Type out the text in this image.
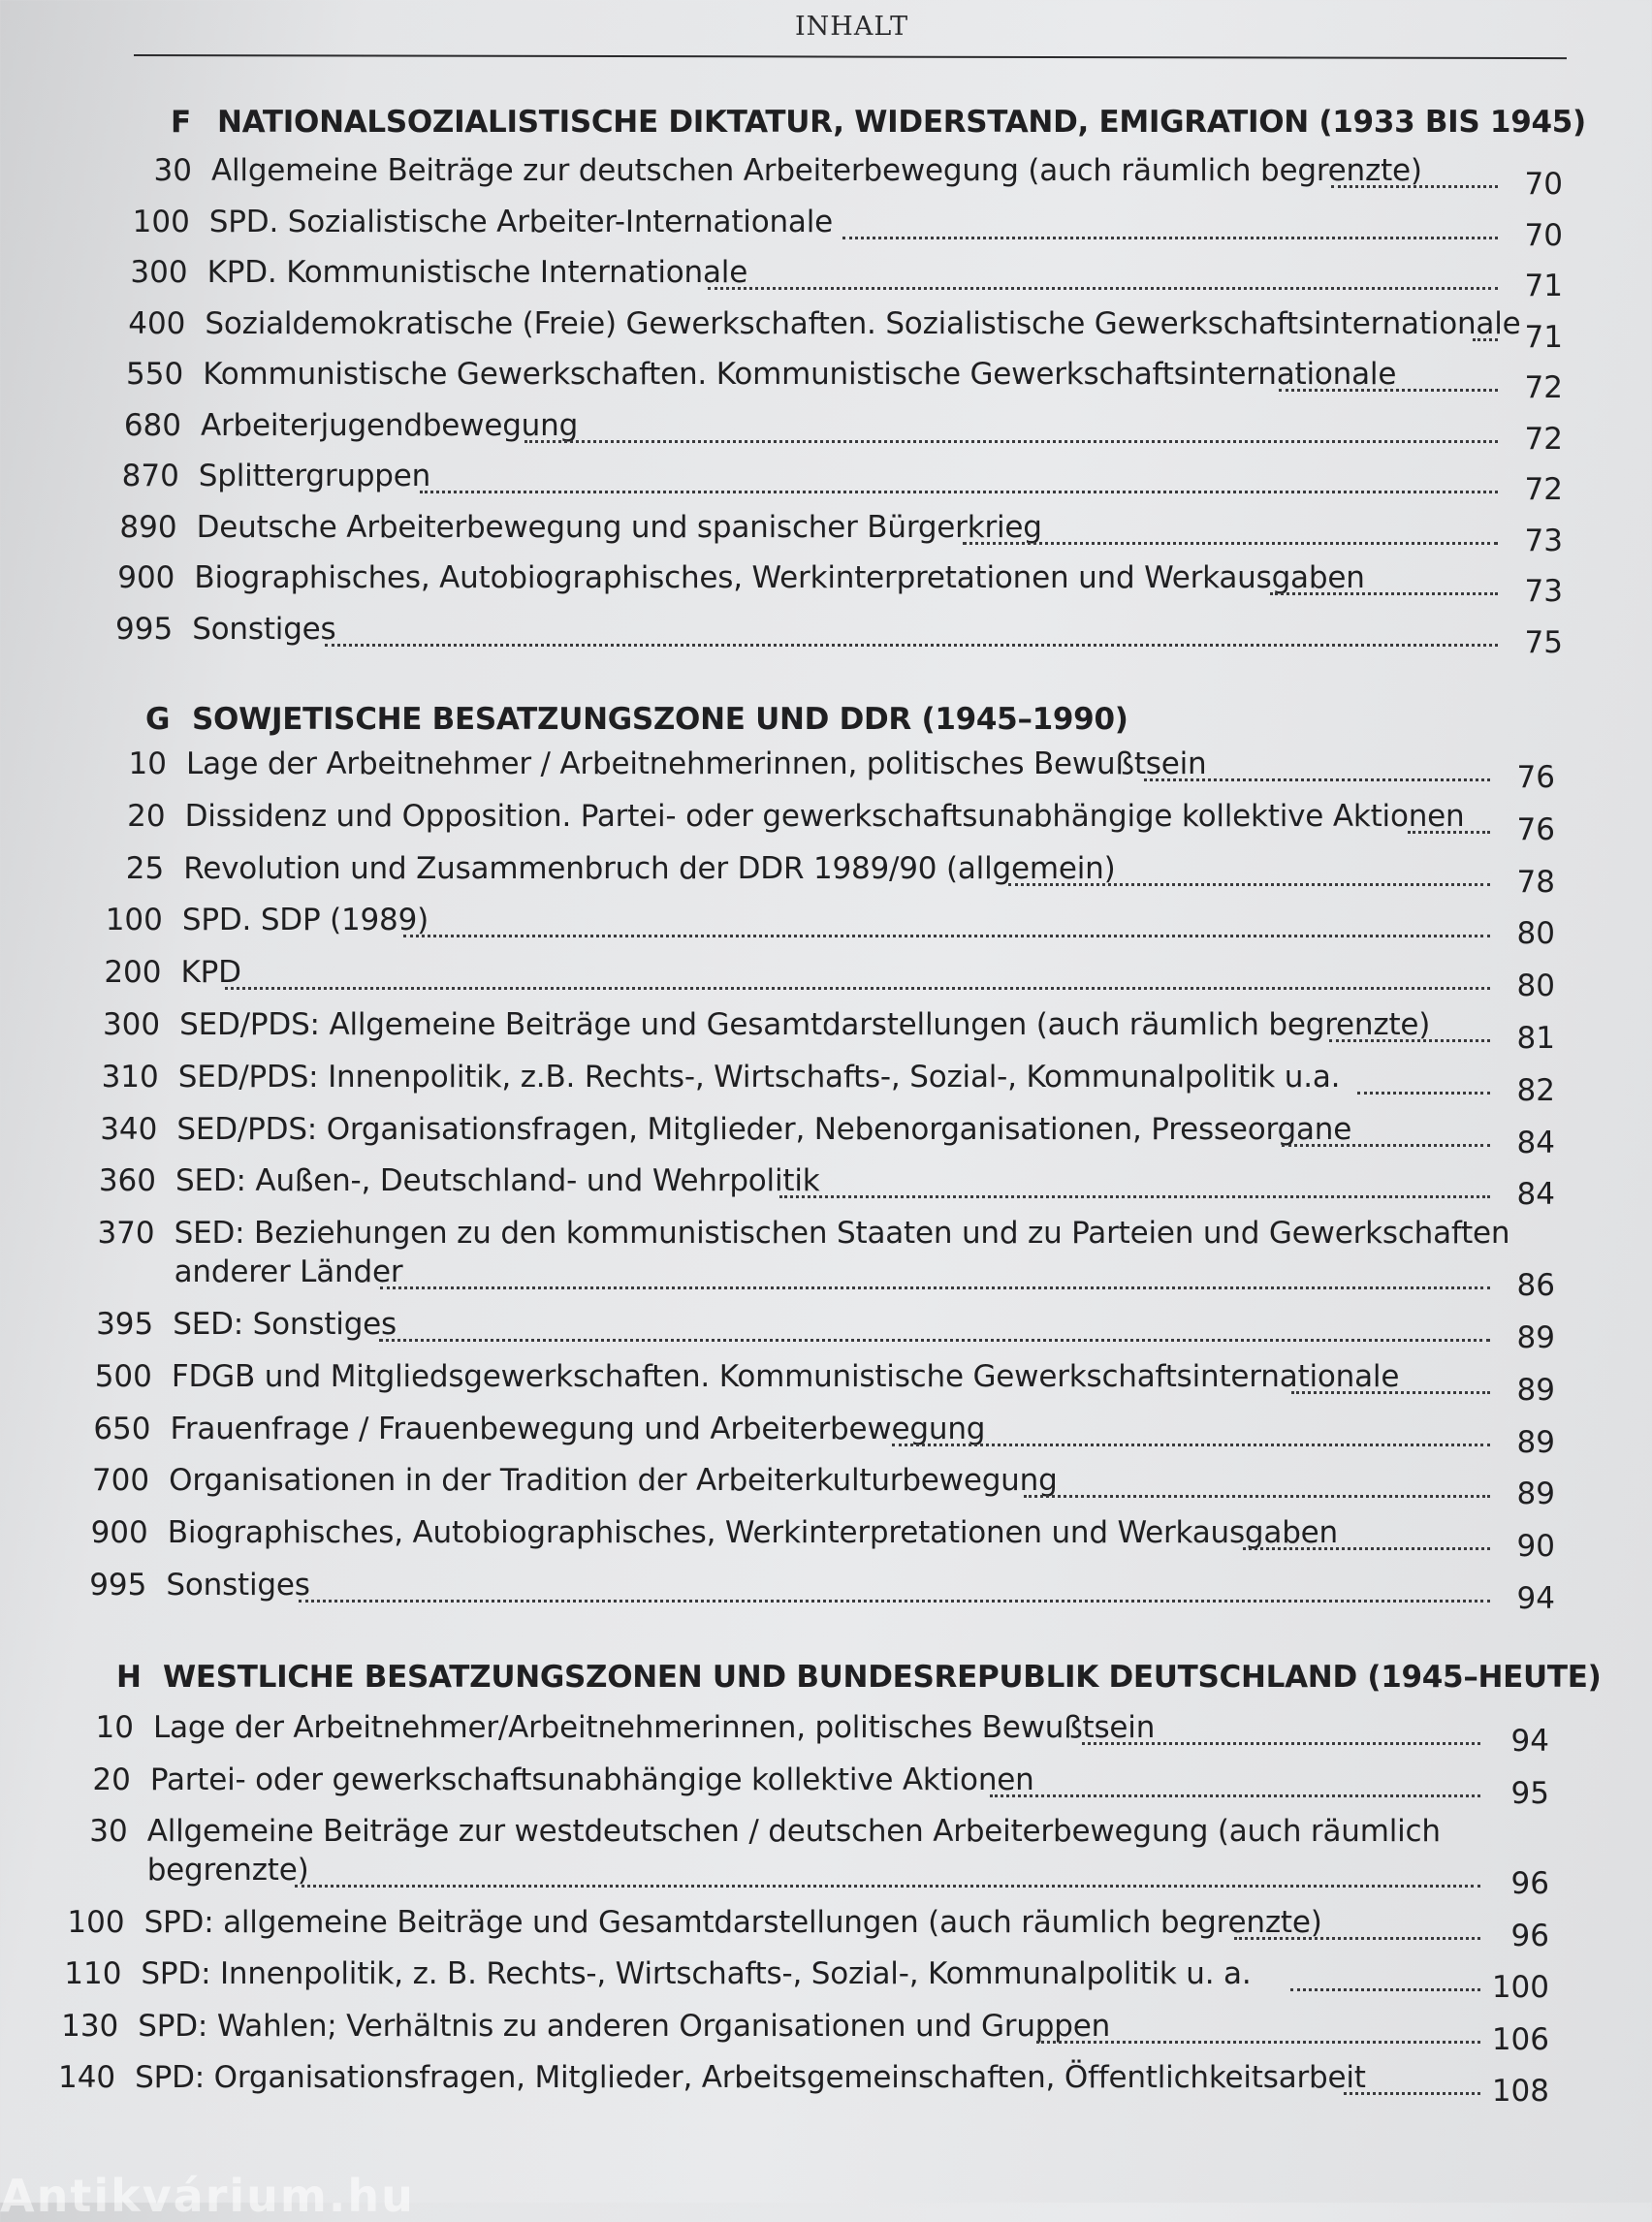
INHALT
F NATIONALSOZIALISTISCHE DIKTATUR, WIDERSTAND, EMIGRATION (1933 BIS 1945)
30 Allgemeine Beiträge zur deutschen Arbeiterbewegung (auch räumlich begrenzte)	70
100 SPD. Sozialistische Arbeiter-Internationale	70
300 KPD. Kommunistische Internationale	71
400 Sozialdemokratische (Freie) Gewerkschaften. Sozialistische Gewerkschaftsinternationale 71
550 Kommunistische Gewerkschaften. Kommunistische Gewerkschaftsinternationale	72
680 Arbeiterjugendbewegung	72
870 Splittergruppen	72
890 Deutsche Arbeiterbewegung und spanischer Bürgerkrieg	73
900 Biographisches, Autobiographisches, Werkinterpretationen und Werkausgaben	73
995 Sonstiges	75
G SOWJETISCHE BESATZUNGSZONE UND DDR (1945–1990)
10 Lage der Arbeitnehmer / Arbeitnehmerinnen, politisches Bewußtsein	76
20 Dissidenz und Opposition. Partei- oder gewerkschaftsunabhängige kollektive Aktionen	76
25 Revolution und Zusammenbruch der DDR 1989/90 (allgemein)	78
100 SPD. SDP (1989)	80
200 KPD	80
300 SED/PDS: Allgemeine Beiträge und Gesamtdarstellungen (auch räumlich begrenzte)	81
310 SED/PDS: Innenpolitik, z.B. Rechts-, Wirtschafts-, Sozial-, Kommunalpolitik u.a.	82
340 SED/PDS: Organisationsfragen, Mitglieder, Nebenorganisationen, Presseorgane	84
360 SED: Außen-, Deutschland- und Wehrpolitik	84
370 SED: Beziehungen zu den kommunistischen Staaten und zu Parteien und Gewerkschaften
anderer Länder	86
395 SED: Sonstiges	89
500 FDGB und Mitgliedsgewerkschaften. Kommunistische Gewerkschaftsinternationale	89
650 Frauenfrage / Frauenbewegung und Arbeiterbewegung	89
700 Organisationen in der Tradition der Arbeiterkulturbewegung	89
900 Biographisches, Autobiographisches, Werkinterpretationen und Werkausgaben	90
995 Sonstiges	94
H WESTLICHE BESATZUNGSZONEN UND BUNDESREPUBLIK DEUTSCHLAND (1945–HEUTE)
10 Lage der Arbeitnehmer/Arbeitnehmerinnen, politisches Bewußtsein	94
20 Partei- oder gewerkschaftsunabhängige kollektive Aktionen	95
30 Allgemeine Beiträge zur westdeutschen / deutschen Arbeiterbewegung (auch räumlich
begrenzte)	96
100 SPD: allgemeine Beiträge und Gesamtdarstellungen (auch räumlich begrenzte)	96
110 SPD: Innenpolitik, z. B. Rechts-, Wirtschafts-, Sozial-, Kommunalpolitik u. a.	100
130 SPD: Wahlen; Verhältnis zu anderen Organisationen und Gruppen	106
140 SPD: Organisationsfragen, Mitglieder, Arbeitsgemeinschaften, Öffentlichkeitsarbeit	108
Antikvárium.hu
